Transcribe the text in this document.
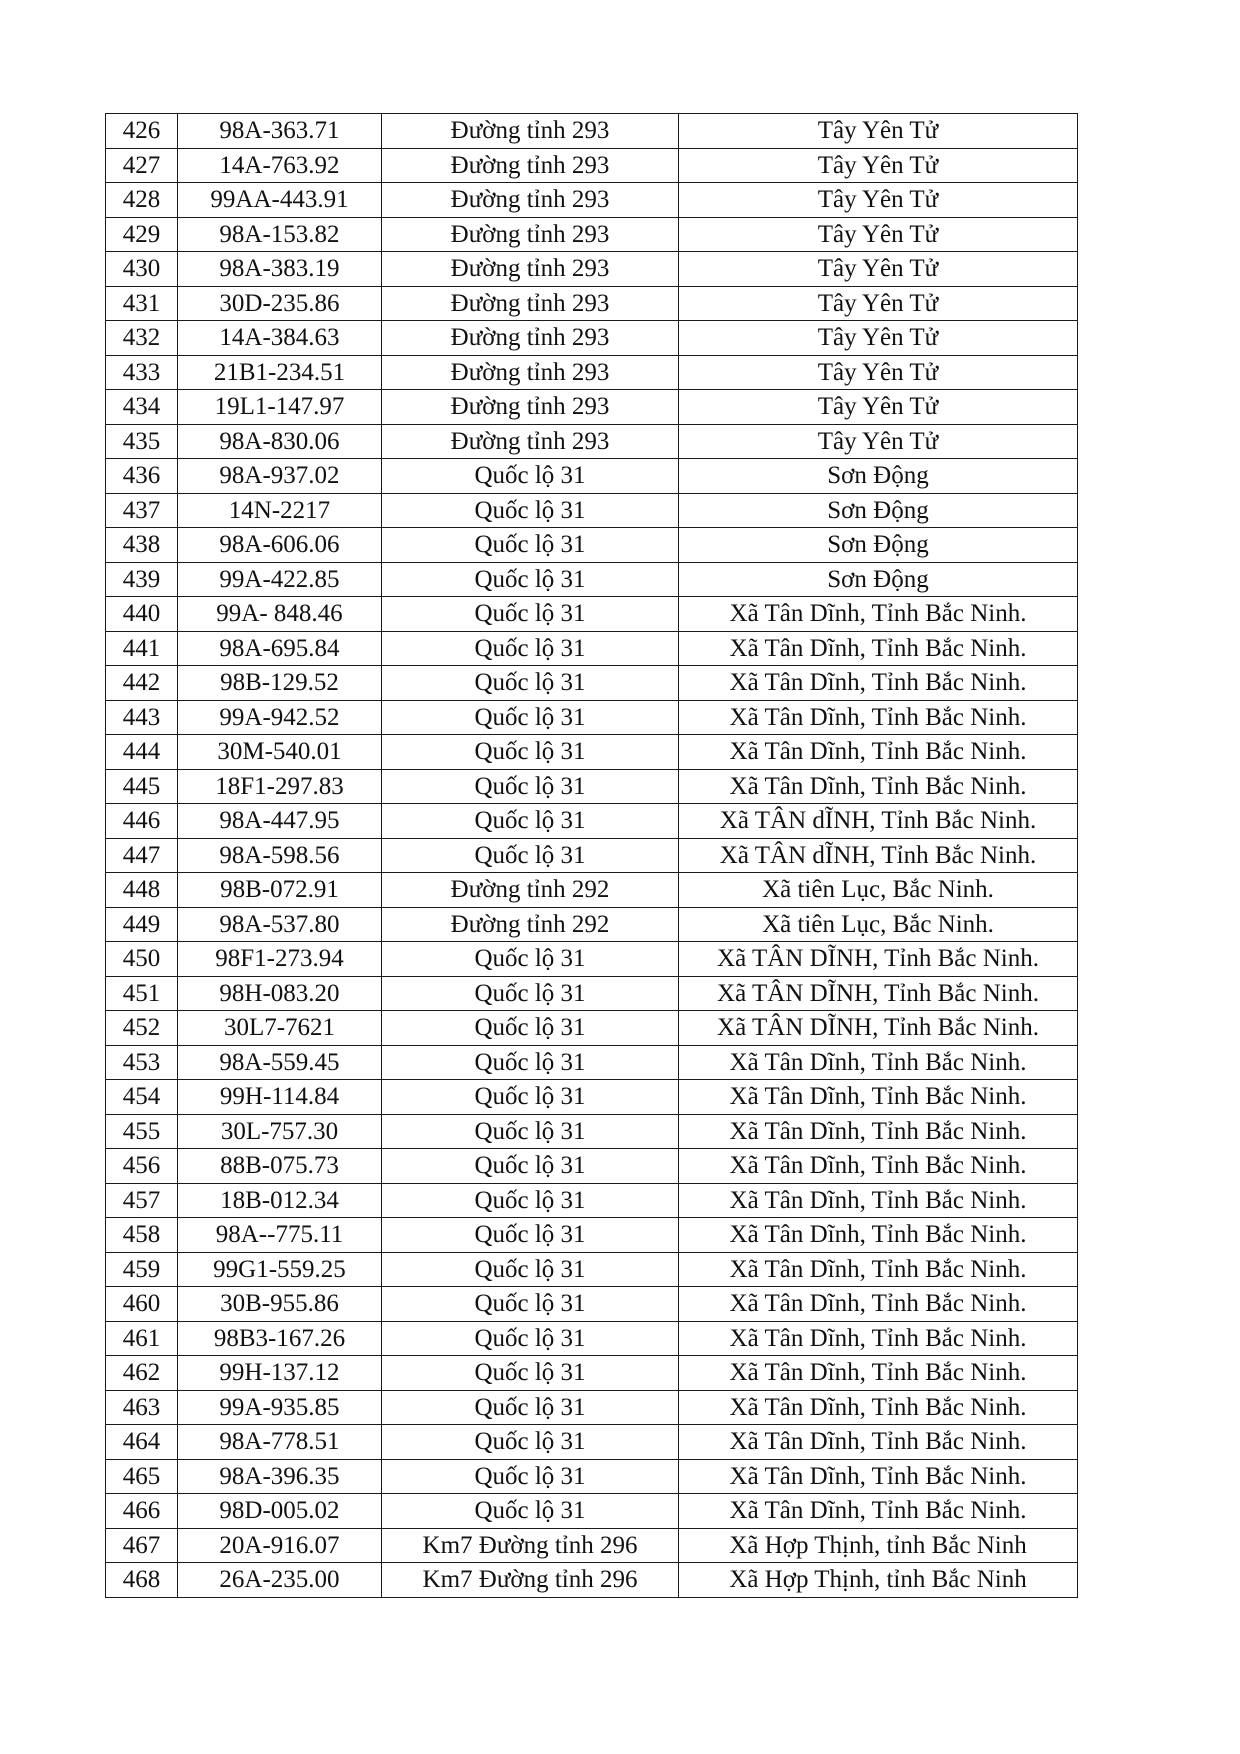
426	98A-363.71	Đường tỉnh 293	Tây Yên Tử
427	14A-763.92	Đường tỉnh 293	Tây Yên Tử
428	99AA-443.91	Đường tỉnh 293	Tây Yên Tử
429	98A-153.82	Đường tỉnh 293	Tây Yên Tử
430	98A-383.19	Đường tỉnh 293	Tây Yên Tử
431	30D-235.86	Đường tỉnh 293	Tây Yên Tử
432	14A-384.63	Đường tỉnh 293	Tây Yên Tử
433	21B1-234.51	Đường tỉnh 293	Tây Yên Tử
434	19L1-147.97	Đường tỉnh 293	Tây Yên Tử
435	98A-830.06	Đường tỉnh 293	Tây Yên Tử
436	98A-937.02	Quốc lộ 31	Sơn Động
437	14N-2217	Quốc lộ 31	Sơn Động
438	98A-606.06	Quốc lộ 31	Sơn Động
439	99A-422.85	Quốc lộ 31	Sơn Động
440	99A- 848.46	Quốc lộ 31	Xã Tân Dĩnh, Tỉnh Bắc Ninh.
441	98A-695.84	Quốc lộ 31	Xã Tân Dĩnh, Tỉnh Bắc Ninh.
442	98B-129.52	Quốc lộ 31	Xã Tân Dĩnh, Tỉnh Bắc Ninh.
443	99A-942.52	Quốc lộ 31	Xã Tân Dĩnh, Tỉnh Bắc Ninh.
444	30M-540.01	Quốc lộ 31	Xã Tân Dĩnh, Tỉnh Bắc Ninh.
445	18F1-297.83	Quốc lộ 31	Xã Tân Dĩnh, Tỉnh Bắc Ninh.
446	98A-447.95	Quốc lộ 31	Xã TÂN dĨNH, Tỉnh Bắc Ninh.
447	98A-598.56	Quốc lộ 31	Xã TÂN dĨNH, Tỉnh Bắc Ninh.
448	98B-072.91	Đường tỉnh 292	Xã tiên Lục, Bắc Ninh.
449	98A-537.80	Đường tỉnh 292	Xã tiên Lục, Bắc Ninh.
450	98F1-273.94	Quốc lộ 31	Xã TÂN DĨNH, Tỉnh Bắc Ninh.
451	98H-083.20	Quốc lộ 31	Xã TÂN DĨNH, Tỉnh Bắc Ninh.
452	30L7-7621	Quốc lộ 31	Xã TÂN DĨNH, Tỉnh Bắc Ninh.
453	98A-559.45	Quốc lộ 31	Xã Tân Dĩnh, Tỉnh Bắc Ninh.
454	99H-114.84	Quốc lộ 31	Xã Tân Dĩnh, Tỉnh Bắc Ninh.
455	30L-757.30	Quốc lộ 31	Xã Tân Dĩnh, Tỉnh Bắc Ninh.
456	88B-075.73	Quốc lộ 31	Xã Tân Dĩnh, Tỉnh Bắc Ninh.
457	18B-012.34	Quốc lộ 31	Xã Tân Dĩnh, Tỉnh Bắc Ninh.
458	98A--775.11	Quốc lộ 31	Xã Tân Dĩnh, Tỉnh Bắc Ninh.
459	99G1-559.25	Quốc lộ 31	Xã Tân Dĩnh, Tỉnh Bắc Ninh.
460	30B-955.86	Quốc lộ 31	Xã Tân Dĩnh, Tỉnh Bắc Ninh.
461	98B3-167.26	Quốc lộ 31	Xã Tân Dĩnh, Tỉnh Bắc Ninh.
462	99H-137.12	Quốc lộ 31	Xã Tân Dĩnh, Tỉnh Bắc Ninh.
463	99A-935.85	Quốc lộ 31	Xã Tân Dĩnh, Tỉnh Bắc Ninh.
464	98A-778.51	Quốc lộ 31	Xã Tân Dĩnh, Tỉnh Bắc Ninh.
465	98A-396.35	Quốc lộ 31	Xã Tân Dĩnh, Tỉnh Bắc Ninh.
466	98D-005.02	Quốc lộ 31	Xã Tân Dĩnh, Tỉnh Bắc Ninh.
467	20A-916.07	Km7 Đường tỉnh 296	Xã Hợp Thịnh, tỉnh Bắc Ninh
468	26A-235.00	Km7 Đường tỉnh 296	Xã Hợp Thịnh, tỉnh Bắc Ninh
